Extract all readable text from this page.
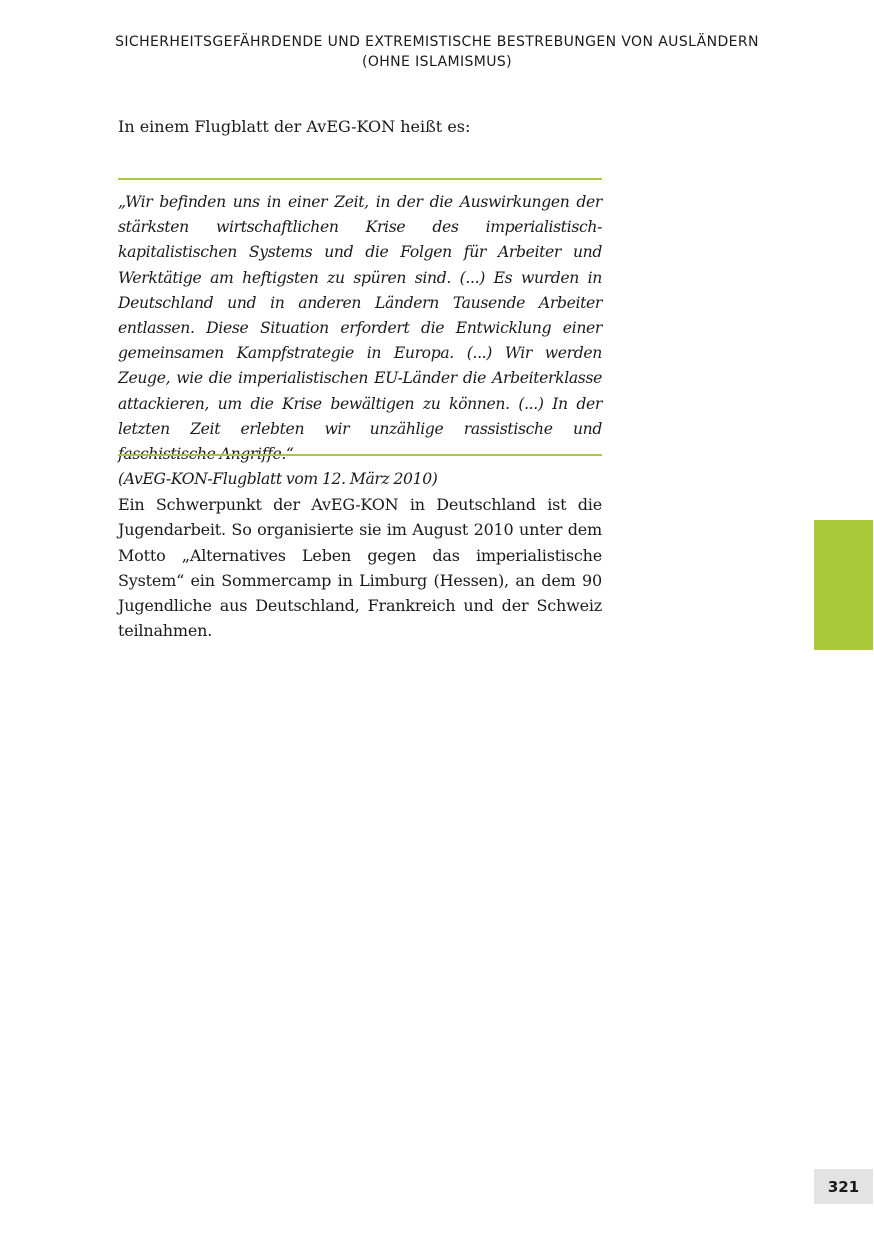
SICHERHEITSGEFÄHRDENDE UND EXTREMISTISCHE BESTREBUNGEN VON AUSLÄNDERN
(OHNE ISLAMISMUS)

In einem Flugblatt der AvEG-KON heißt es:

„Wir befinden uns in einer Zeit, in der die Auswirkungen der stärksten wirtschaftlichen Krise des imperialistisch-kapitalistischen Systems und die Folgen für Arbeiter und Werktätige am heftigsten zu spüren sind. (...) Es wurden in Deutschland und in anderen Ländern Tausende Arbeiter entlassen. Diese Situation erfordert die Entwicklung einer gemeinsamen Kampfstrategie in Europa. (...) Wir werden Zeuge, wie die imperialistischen EU-Länder die Arbeiterklasse attackieren, um die Krise bewältigen zu können. (...) In der letzten Zeit erlebten wir unzählige rassistische und faschistische Angriffe.“
(AvEG-KON-Flugblatt vom 12. März 2010)

Ein Schwerpunkt der AvEG-KON in Deutschland ist die Jugendarbeit. So organisierte sie im August 2010 unter dem Motto „Alternatives Leben gegen das imperialistische System“ ein Sommercamp in Limburg (Hessen), an dem 90 Jugendliche aus Deutschland, Frankreich und der Schweiz teilnahmen.

321
